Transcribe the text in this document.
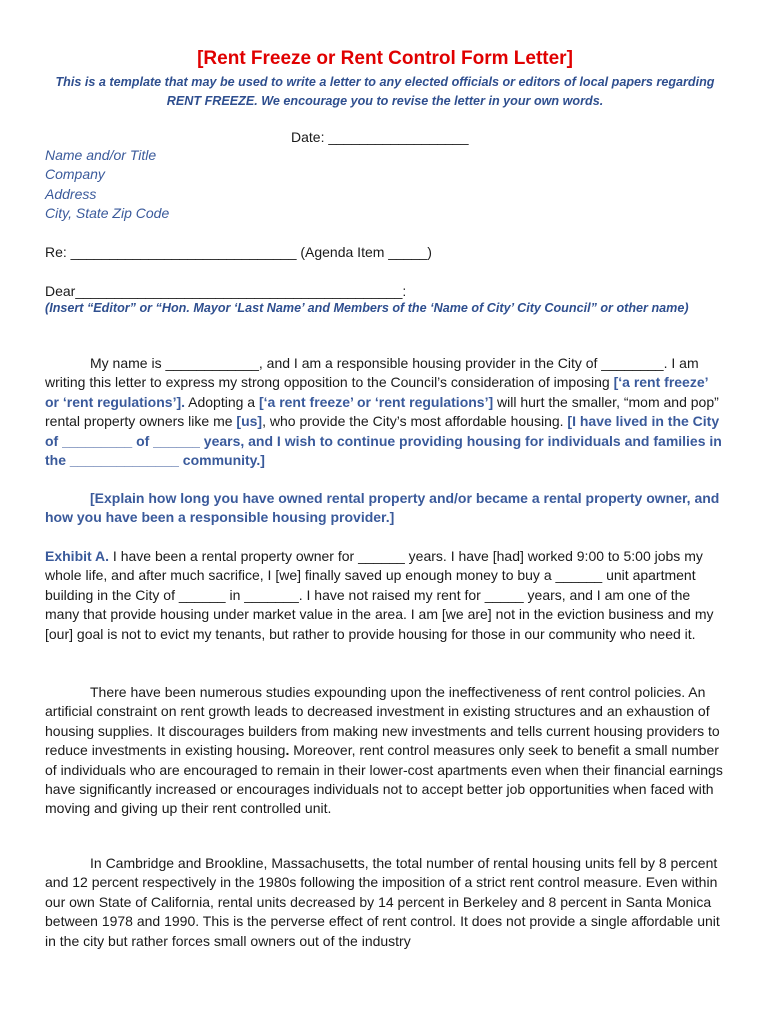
[Rent Freeze or Rent Control Form Letter]
This is a template that may be used to write a letter to any elected officials or editors of local papers regarding RENT FREEZE. We encourage you to revise the letter in your own words.
Date: __________________
Name and/or Title
Company
Address
City, State Zip Code
Re: _____________________________ (Agenda Item _____)
Dear__________________________________________:
(Insert “Editor” or “Hon. Mayor ‘Last Name’ and Members of the ‘Name of City’ City Council” or other name)
My name is ____________, and I am a responsible housing provider in the City of ________. I am writing this letter to express my strong opposition to the Council’s consideration of imposing [‘a rent freeze’ or ‘rent regulations’]. Adopting a [‘a rent freeze’ or ‘rent regulations’] will hurt the smaller, “mom and pop” rental property owners like me [us], who provide the City’s most affordable housing. [I have lived in the City of _________ of ______ years, and I wish to continue providing housing for individuals and families in the ______________ community.]
[Explain how long you have owned rental property and/or became a rental property owner, and how you have been a responsible housing provider.]
Exhibit A. I have been a rental property owner for ______ years. I have [had] worked 9:00 to 5:00 jobs my whole life, and after much sacrifice, I [we] finally saved up enough money to buy a ______ unit apartment building in the City of ______ in _______. I have not raised my rent for _____ years, and I am one of the many that provide housing under market value in the area. I am [we are] not in the eviction business and my [our] goal is not to evict my tenants, but rather to provide housing for those in our community who need it.
There have been numerous studies expounding upon the ineffectiveness of rent control policies. An artificial constraint on rent growth leads to decreased investment in existing structures and an exhaustion of housing supplies. It discourages builders from making new investments and tells current housing providers to reduce investments in existing housing. Moreover, rent control measures only seek to benefit a small number of individuals who are encouraged to remain in their lower-cost apartments even when their financial earnings have significantly increased or encourages individuals not to accept better job opportunities when faced with moving and giving up their rent controlled unit.
In Cambridge and Brookline, Massachusetts, the total number of rental housing units fell by 8 percent and 12 percent respectively in the 1980s following the imposition of a strict rent control measure. Even within our own State of California, rental units decreased by 14 percent in Berkeley and 8 percent in Santa Monica between 1978 and 1990. This is the perverse effect of rent control. It does not provide a single affordable unit in the city but rather forces small owners out of the industry
